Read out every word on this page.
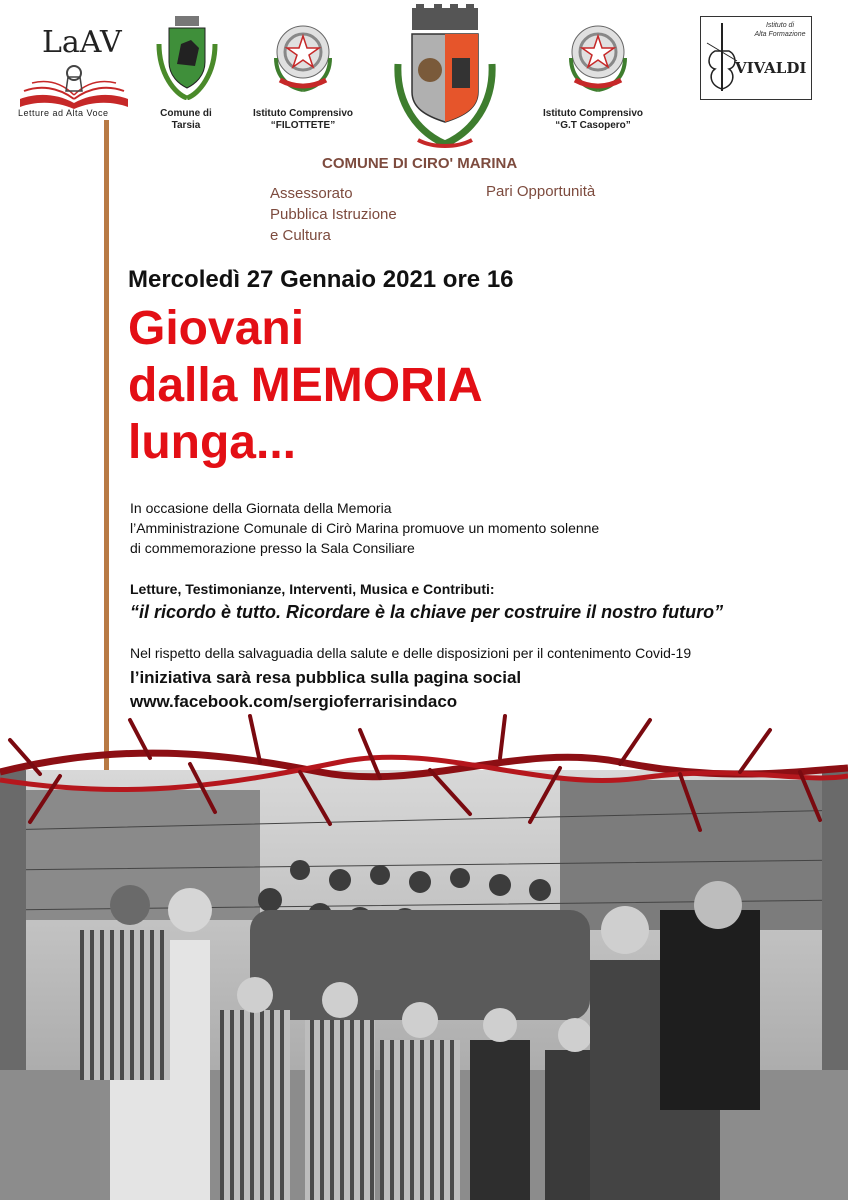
LaAV
Letture ad Alta Voce	Comune di
Tarsia
Istituto Comprensivo
“FILOTTETE”
Istituto Comprensivo
“G.T Casopero”
Istituto di
Alta Formazione
VIVALDI
COMUNE DI CIRO' MARINA
Assessorato
Pubblica Istruzione
e Cultura
Pari Opportunità
Mercoledì 27 Gennaio 2021 ore 16
Giovani
dalla MEMORIA
lunga...
In occasione della Giornata della Memoria
l’Amministrazione Comunale di Cirò Marina promuove un momento solenne
di commemorazione presso la Sala Consiliare
Letture, Testimonianze, Interventi, Musica e Contributi:
“il ricordo è tutto. Ricordare è la chiave per costruire il nostro futuro”
Nel rispetto della salvaguadia della salute e delle disposizioni per il contenimento Covid-19
l’iniziativa sarà resa pubblica sulla pagina social
www.facebook.com/sergioferrarisindaco
